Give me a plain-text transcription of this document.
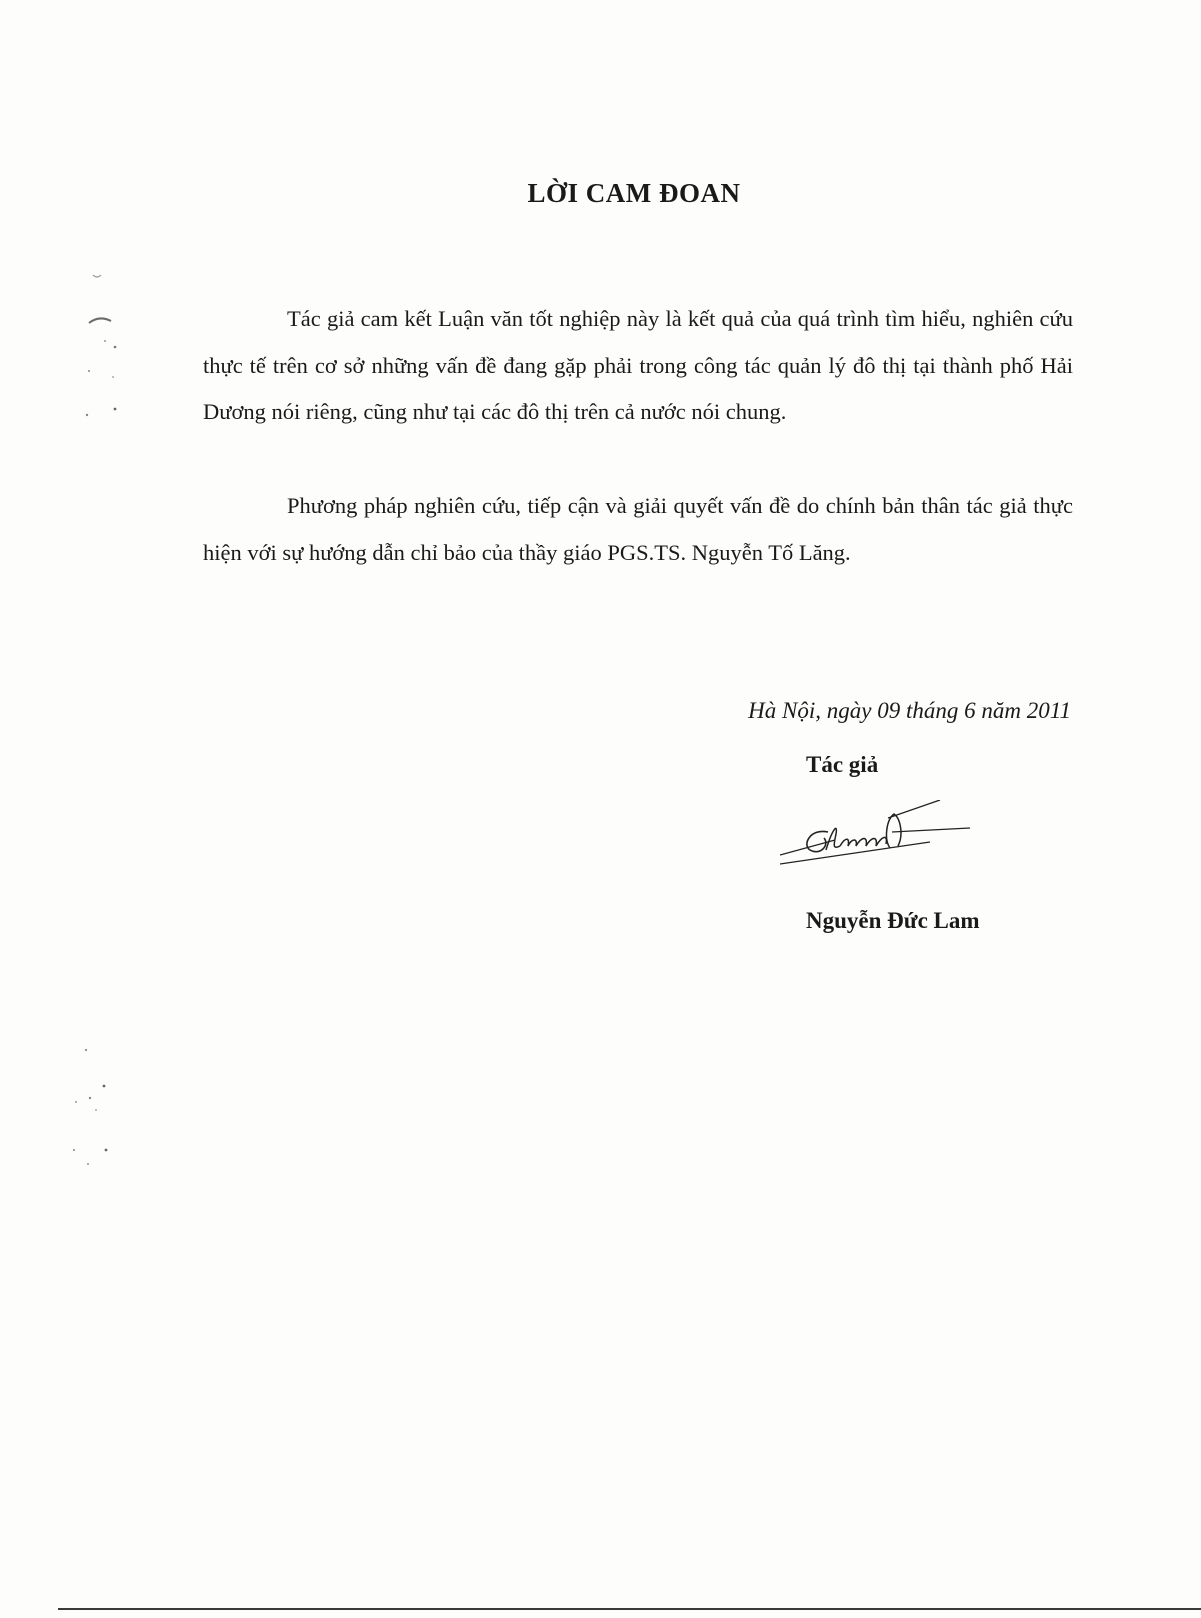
LỜI CAM ĐOAN

Tác giả cam kết Luận văn tốt nghiệp này là kết quả của quá trình tìm hiểu, nghiên cứu thực tế trên cơ sở những vấn đề đang gặp phải trong công tác quản lý đô thị tại thành phố Hải Dương nói riêng, cũng như tại các đô thị trên cả nước nói chung.

Phương pháp nghiên cứu, tiếp cận và giải quyết vấn đề do chính bản thân tác giả thực hiện với sự hướng dẫn chỉ bảo của thầy giáo PGS.TS. Nguyễn Tố Lăng.

Hà Nội, ngày 09 tháng 6 năm 2011
Tác giả
Nguyễn Đức Lam
